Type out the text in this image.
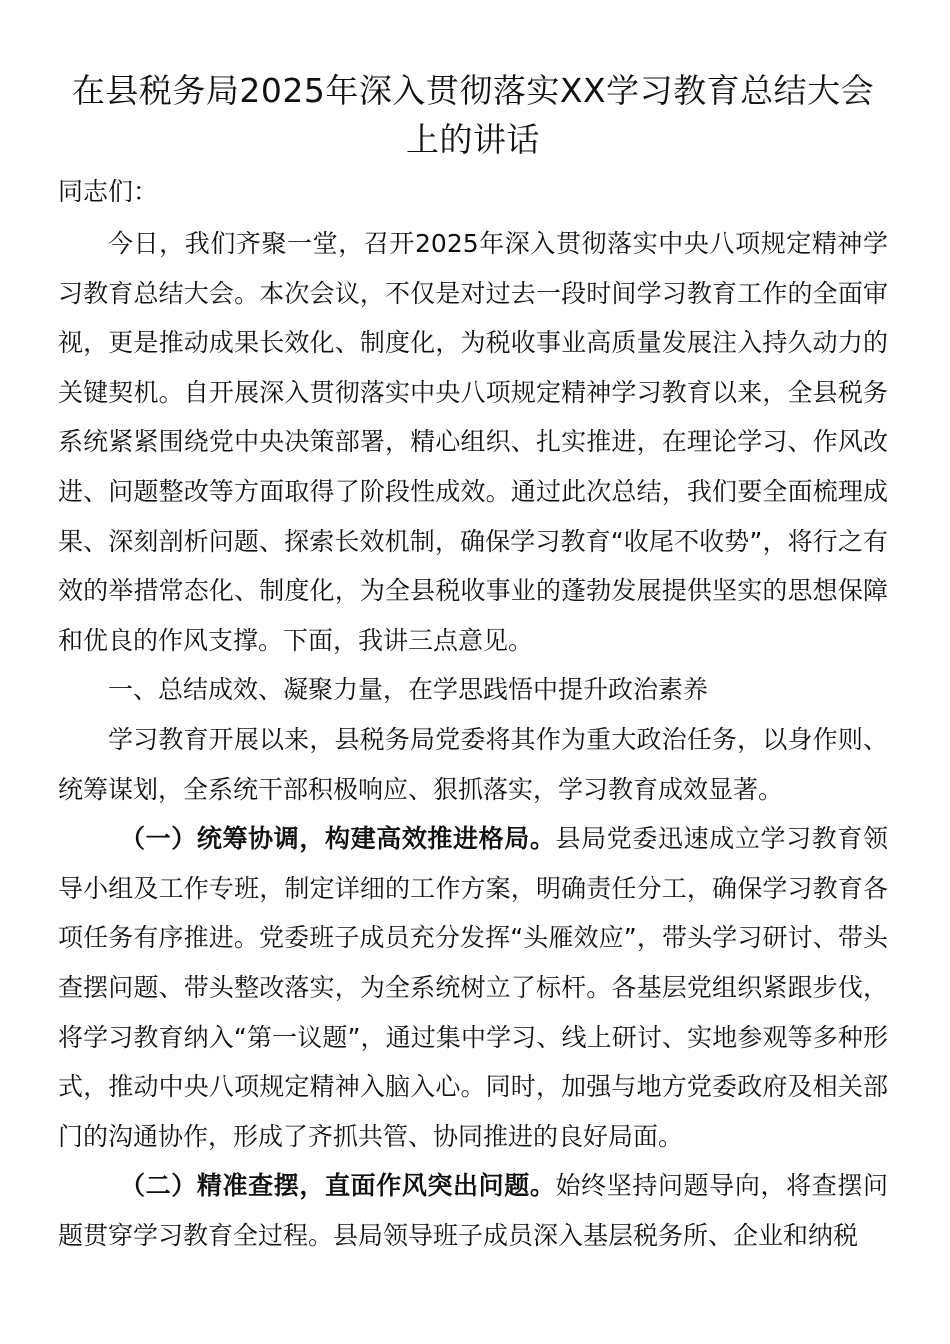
在县税务局2025年深入贯彻落实XX学习教育总结大会上的讲话

同志们：

今日，我们齐聚一堂，召开2025年深入贯彻落实中央八项规定精神学习教育总结大会。本次会议，不仅是对过去一段时间学习教育工作的全面审视，更是推动成果长效化、制度化，为税收事业高质量发展注入持久动力的关键契机。自开展深入贯彻落实中央八项规定精神学习教育以来，全县税务系统紧紧围绕党中央决策部署，精心组织、扎实推进，在理论学习、作风改进、问题整改等方面取得了阶段性成效。通过此次总结，我们要全面梳理成果、深刻剖析问题、探索长效机制，确保学习教育“收尾不收势”，将行之有效的举措常态化、制度化，为全县税收事业的蓬勃发展提供坚实的思想保障和优良的作风支撑。下面，我讲三点意见。

一、总结成效、凝聚力量，在学思践悟中提升政治素养

学习教育开展以来，县税务局党委将其作为重大政治任务，以身作则、统筹谋划，全系统干部积极响应、狠抓落实，学习教育成效显著。

（一）统筹协调，构建高效推进格局。县局党委迅速成立学习教育领导小组及工作专班，制定详细的工作方案，明确责任分工，确保学习教育各项任务有序推进。党委班子成员充分发挥“头雁效应”，带头学习研讨、带头查摆问题、带头整改落实，为全系统树立了标杆。各基层党组织紧跟步伐，将学习教育纳入“第一议题”，通过集中学习、线上研讨、实地参观等多种形式，推动中央八项规定精神入脑入心。同时，加强与地方党委政府及相关部门的沟通协作，形成了齐抓共管、协同推进的良好局面。

（二）精准查摆，直面作风突出问题。始终坚持问题导向，将查摆问题贯穿学习教育全过程。县局领导班子成员深入基层税务所、企业和纳税
